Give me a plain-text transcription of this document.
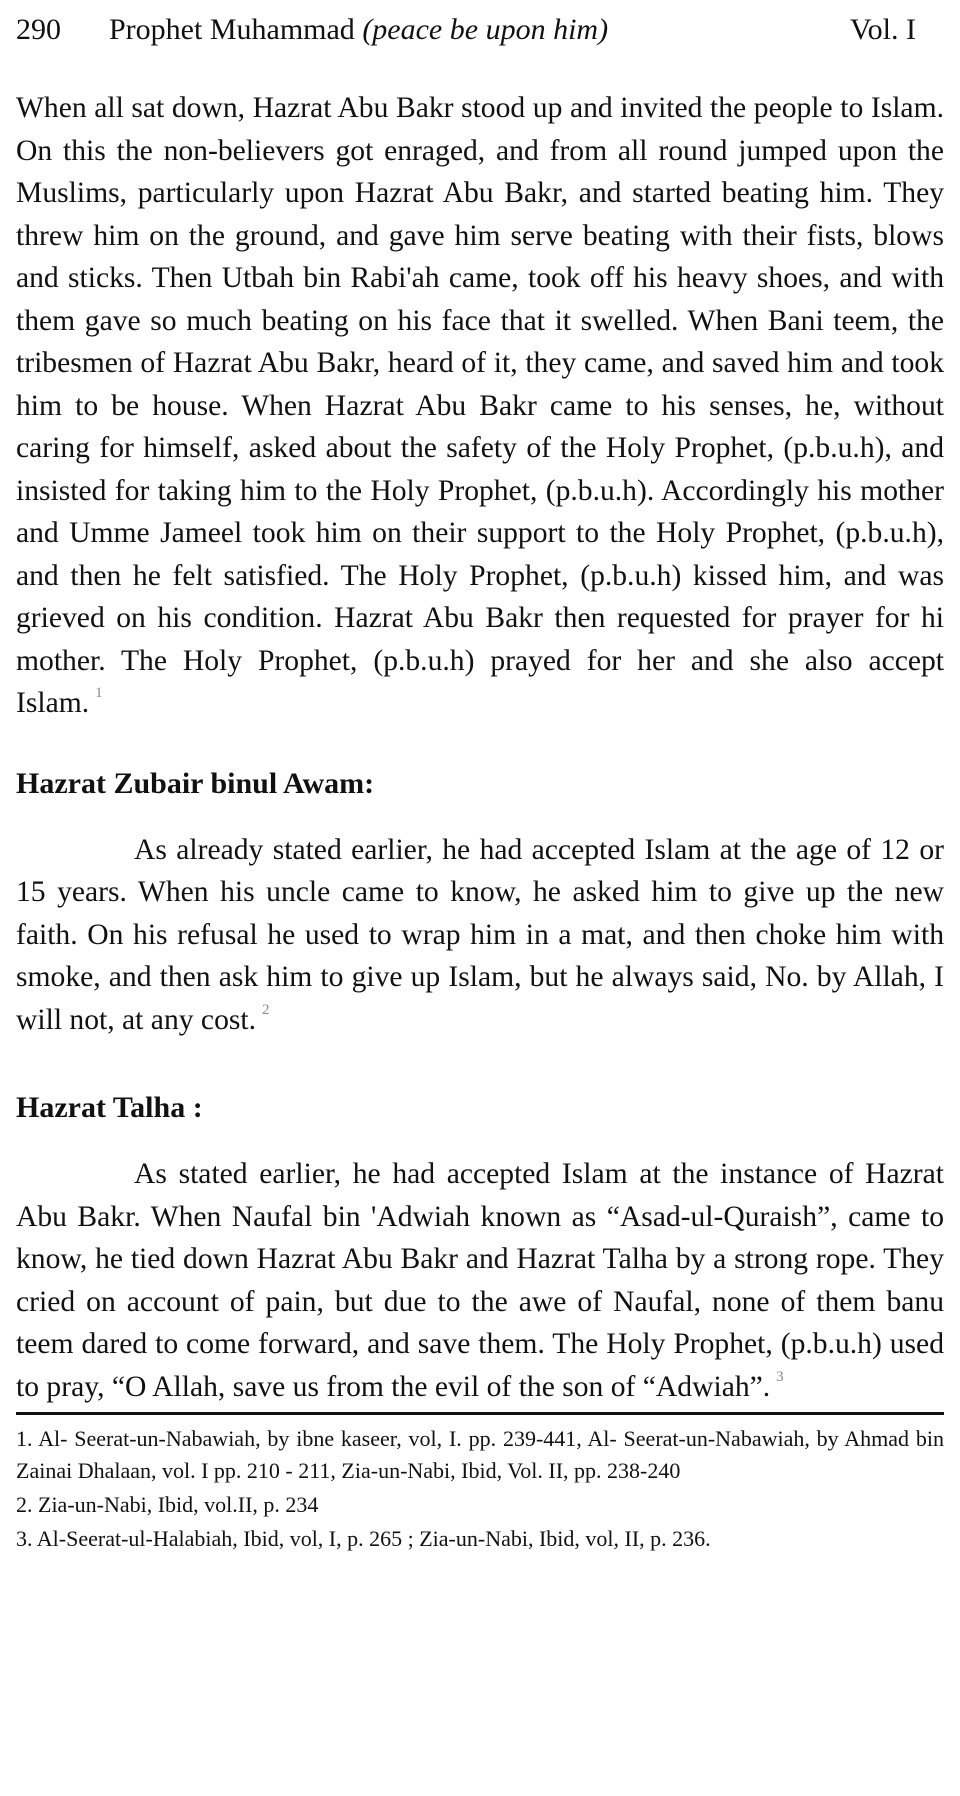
290 Prophet Muhammad (peace be upon him)	Vol. I

When all sat down, Hazrat Abu Bakr stood up and invited the people to Islam. On this the non-believers got enraged, and from all round jumped upon the Muslims, particularly upon Hazrat Abu Bakr, and started beating him. They threw him on the ground, and gave him serve beating with their fists, blows and sticks. Then Utbah bin Rabi'ah came, took off his heavy shoes, and with them gave so much beating on his face that it swelled. When Bani teem, the tribesmen of Hazrat Abu Bakr, heard of it, they came, and saved him and took him to be house. When Hazrat Abu Bakr came to his senses, he, without caring for himself, asked about the safety of the Holy Prophet, (p.b.u.h), and insisted for taking him to the Holy Prophet, (p.b.u.h). Accordingly his mother and Umme Jameel took him on their support to the Holy Prophet, (p.b.u.h), and then he felt satisfied. The Holy Prophet, (p.b.u.h) kissed him, and was grieved on his condition. Hazrat Abu Bakr then requested for prayer for hi mother. The Holy Prophet, (p.b.u.h) prayed for her and she also accept Islam. $^1$

Hazrat Zubair binul Awam:

As already stated earlier, he had accepted Islam at the age of 12 or 15 years. When his uncle came to know, he asked him to give up the new faith. On his refusal he used to wrap him in a mat, and then choke him with smoke, and then ask him to give up Islam, but he always said, No. by Allah, I will not, at any cost. $^2$

Hazrat Talha :

As stated earlier, he had accepted Islam at the instance of Hazrat Abu Bakr. When Naufal bin 'Adwiah known as “Asad-ul-Quraish”, came to know, he tied down Hazrat Abu Bakr and Hazrat Talha by a strong rope. They cried on account of pain, but due to the awe of Naufal, none of them banu teem dared to come forward, and save them. The Holy Prophet, (p.b.u.h) used to pray, “O Allah, save us from the evil of the son of “Adwiah”. $^3$

1. Al- Seerat-un-Nabawiah, by ibne kaseer, vol, I. pp. 239-441, Al- Seerat-un-Nabawiah, by Ahmad bin Zainai Dhalaan, vol. I pp. 210 - 211, Zia-un-Nabi, Ibid, Vol. II, pp. 238-240

2. Zia-un-Nabi, Ibid, vol.II, p. 234

3. Al-Seerat-ul-Halabiah, Ibid, vol, I, p. 265 ; Zia-un-Nabi, Ibid, vol, II, p. 236.
